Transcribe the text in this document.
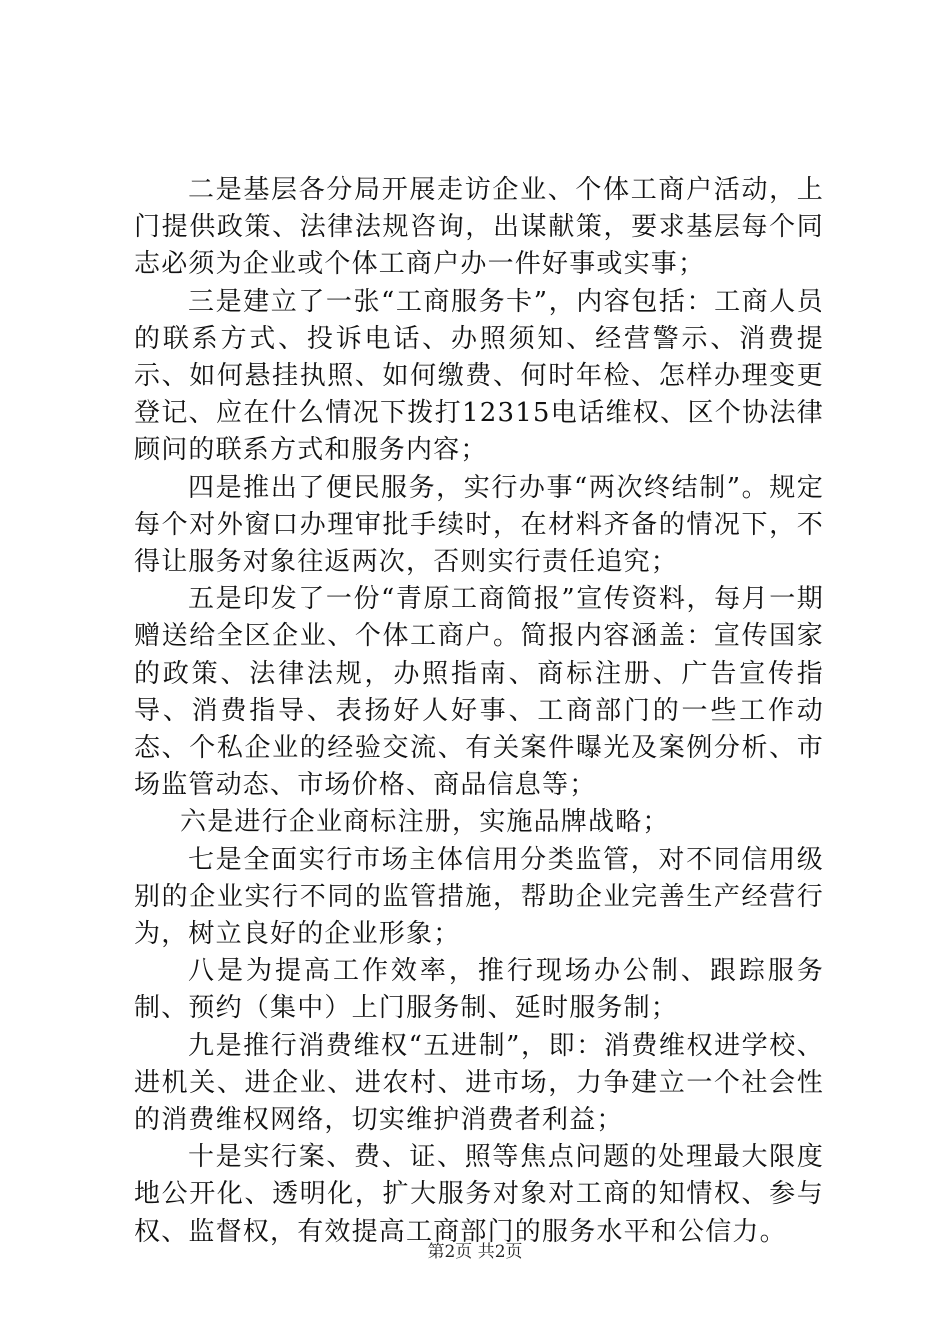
二是基层各分局开展走访企业、个体工商户活动，上门提供政策、法律法规咨询，出谋献策，要求基层每个同志必须为企业或个体工商户办一件好事或实事；

三是建立了一张“工商服务卡”，内容包括：工商人员的联系方式、投诉电话、办照须知、经营警示、消费提示、如何悬挂执照、如何缴费、何时年检、怎样办理变更登记、应在什么情况下拨打12315电话维权、区个协法律顾问的联系方式和服务内容；

四是推出了便民服务，实行办事“两次终结制”。规定每个对外窗口办理审批手续时，在材料齐备的情况下，不得让服务对象往返两次，否则实行责任追究；

五是印发了一份“青原工商简报”宣传资料，每月一期赠送给全区企业、个体工商户。简报内容涵盖：宣传国家的政策、法律法规，办照指南、商标注册、广告宣传指导、消费指导、表扬好人好事、工商部门的一些工作动态、个私企业的经验交流、有关案件曝光及案例分析、市场监管动态、市场价格、商品信息等；

六是进行企业商标注册，实施品牌战略；

七是全面实行市场主体信用分类监管，对不同信用级别的企业实行不同的监管措施，帮助企业完善生产经营行为，树立良好的企业形象；

八是为提高工作效率，推行现场办公制、跟踪服务制、预约（集中）上门服务制、延时服务制；

九是推行消费维权“五进制”，即：消费维权进学校、进机关、进企业、进农村、进市场，力争建立一个社会性的消费维权网络，切实维护消费者利益；

十是实行案、费、证、照等焦点问题的处理最大限度地公开化、透明化，扩大服务对象对工商的知情权、参与权、监督权，有效提高工商部门的服务水平和公信力。

第2页 共2页
